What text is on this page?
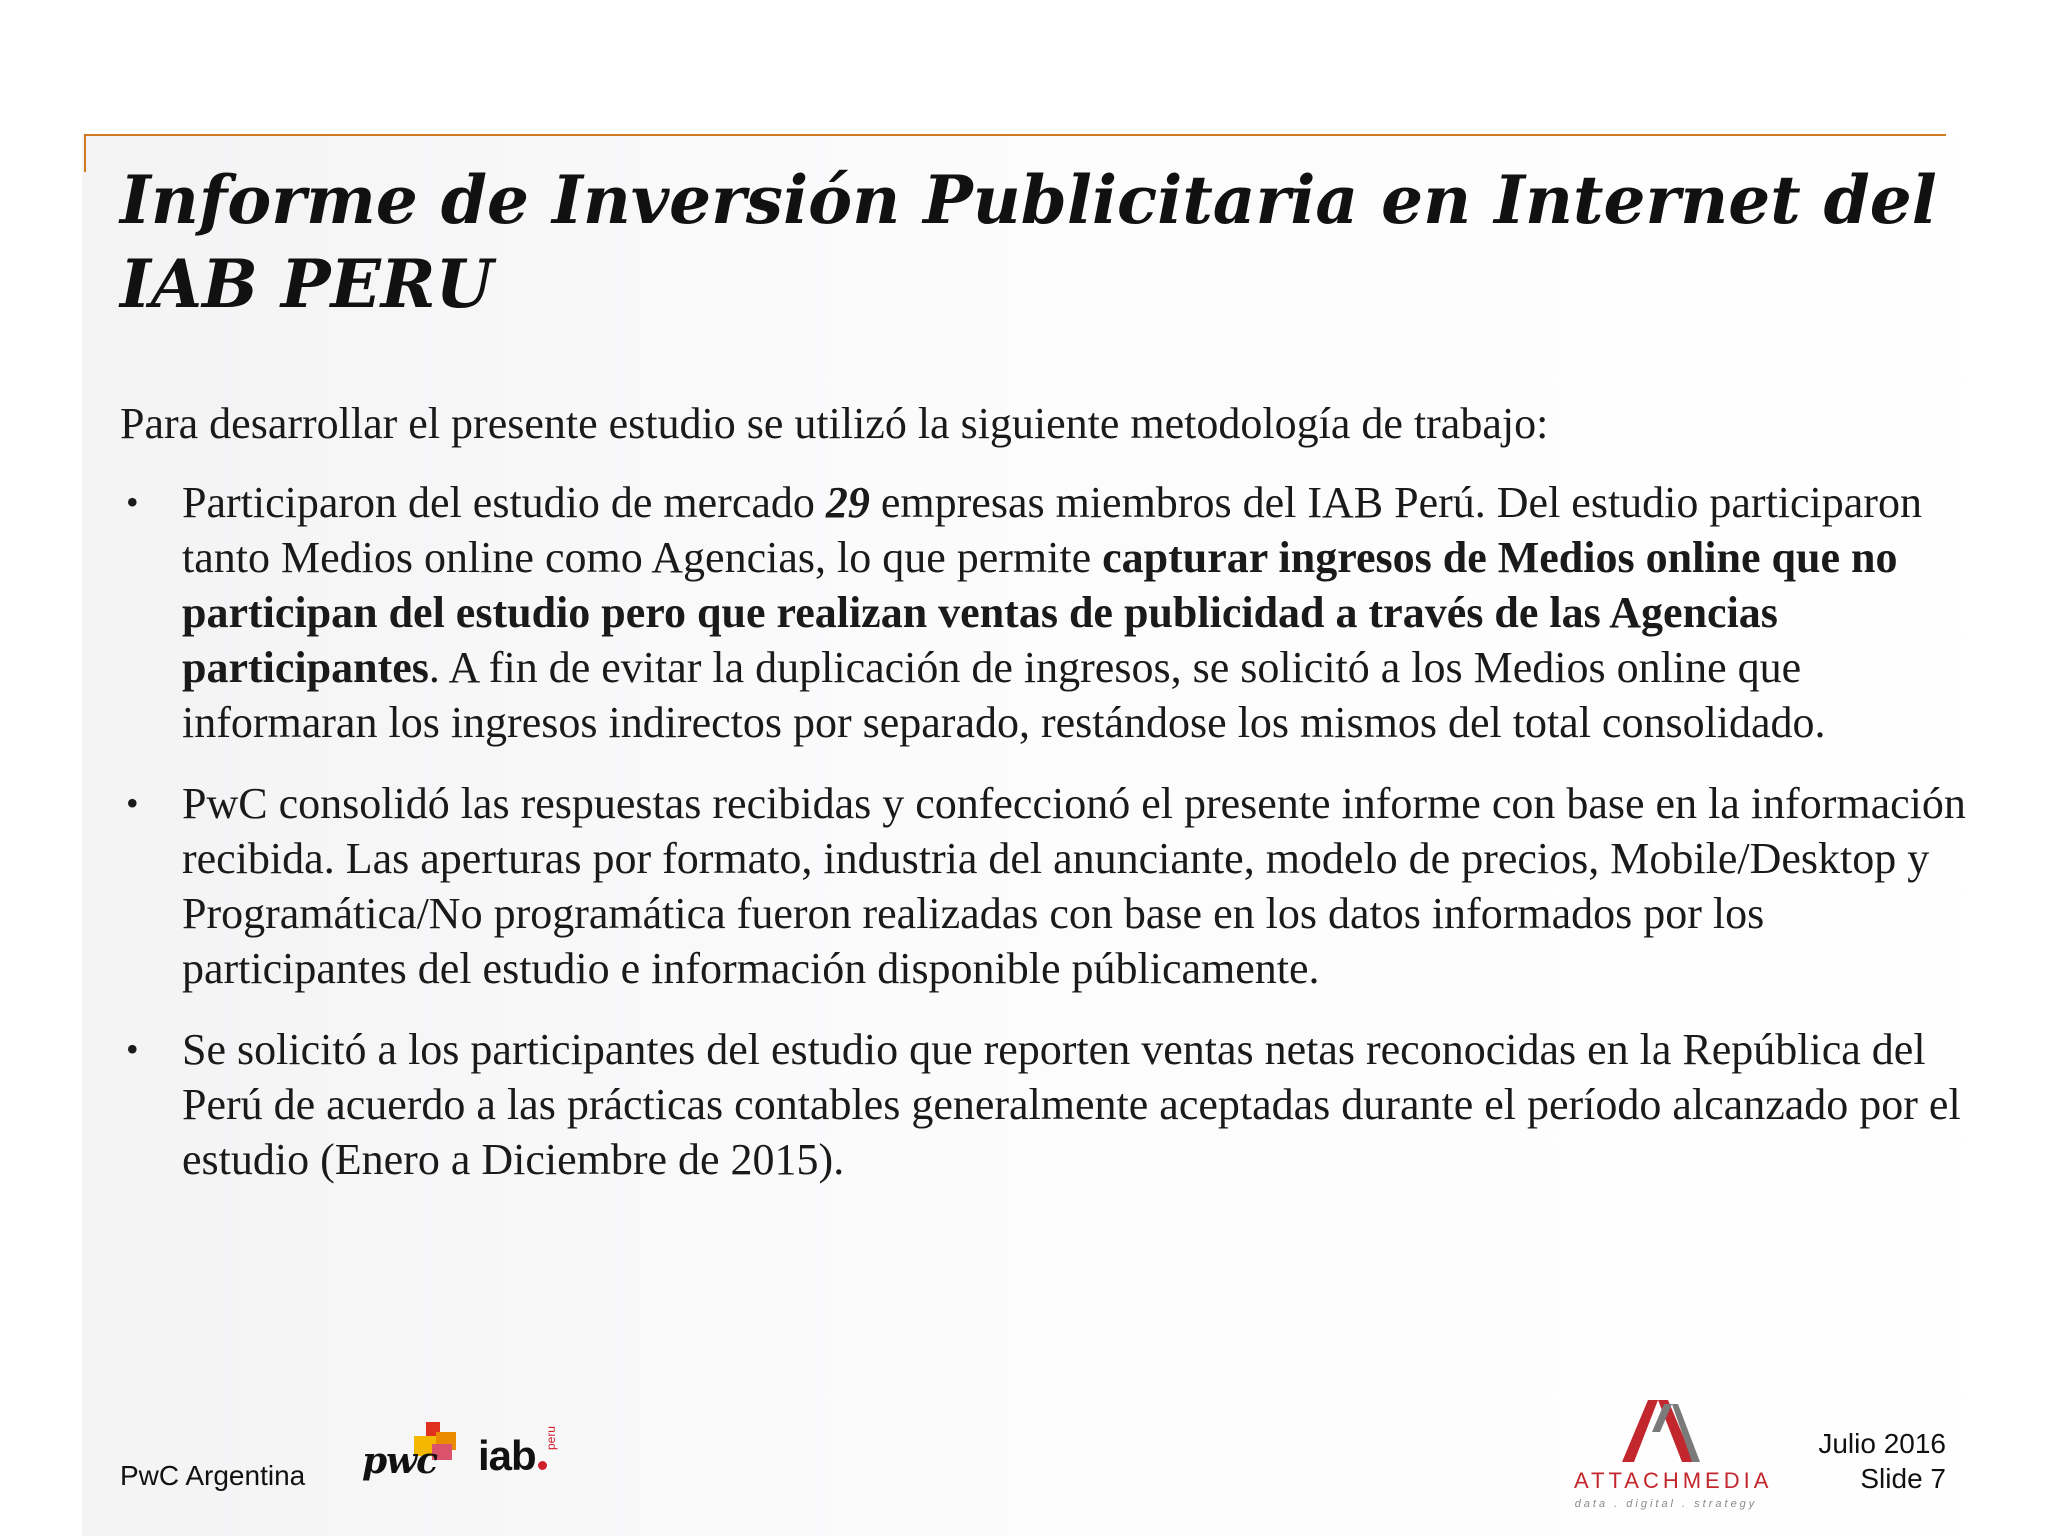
Informe de Inversión Publicitaria en Internet del
IAB PERU

Para desarrollar el presente estudio se utilizó la siguiente metodología de trabajo:

• Participaron del estudio de mercado 29 empresas miembros del IAB Perú. Del estudio participaron tanto Medios online como Agencias, lo que permite capturar ingresos de Medios online que no participan del estudio pero que realizan ventas de publicidad a través de las Agencias participantes. A fin de evitar la duplicación de ingresos, se solicitó a los Medios online que informaran los ingresos indirectos por separado, restándose los mismos del total consolidado.
• PwC consolidó las respuestas recibidas y confeccionó el presente informe con base en la información recibida. Las aperturas por formato, industria del anunciante, modelo de precios, Mobile/Desktop y Programática/No programática fueron realizadas con base en los datos informados por los participantes del estudio e información disponible públicamente.
• Se solicitó a los participantes del estudio que reporten ventas netas reconocidas en la República del Perú de acuerdo a las prácticas contables generalmente aceptadas durante el período alcanzado por el estudio (Enero a Diciembre de 2015).
PwC Argentina pwc iab peru
ATTACHMEDIA
data . digital . strategy
Julio 2016
Slide 7
